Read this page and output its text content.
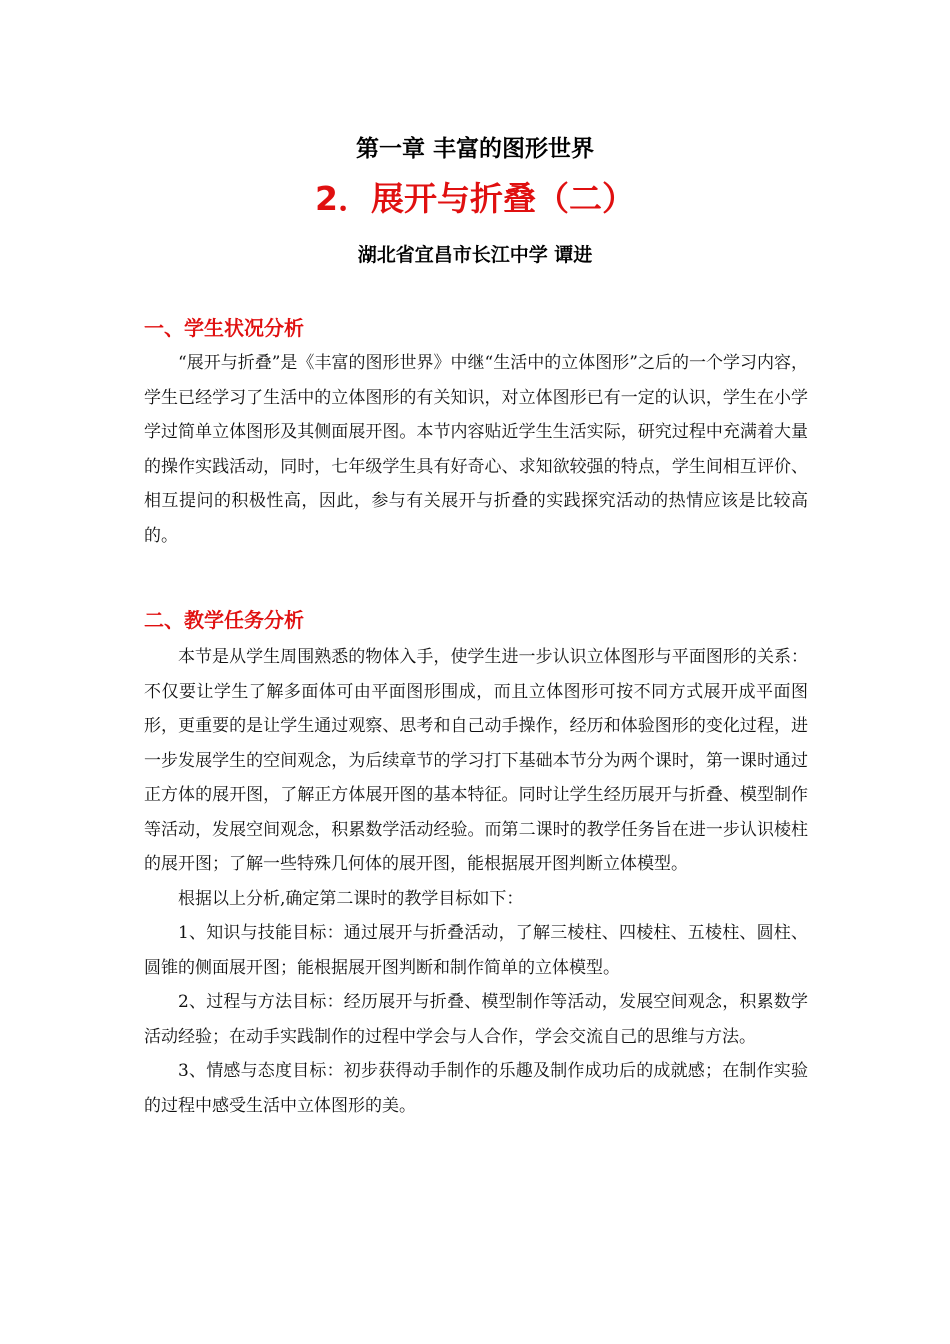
第一章 丰富的图形世界
2．展开与折叠（二）
湖北省宜昌市长江中学 谭进
一、学生状况分析

“展开与折叠”是《丰富的图形世界》中继“生活中的立体图形”之后的一个学习内容，学生已经学习了生活中的立体图形的有关知识，对立体图形已有一定的认识，学生在小学学过简单立体图形及其侧面展开图。本节内容贴近学生生活实际，研究过程中充满着大量的操作实践活动，同时，七年级学生具有好奇心、求知欲较强的特点，学生间相互评价、相互提问的积极性高，因此，参与有关展开与折叠的实践探究活动的热情应该是比较高的。

二、教学任务分析

本节是从学生周围熟悉的物体入手，使学生进一步认识立体图形与平面图形的关系：不仅要让学生了解多面体可由平面图形围成，而且立体图形可按不同方式展开成平面图形，更重要的是让学生通过观察、思考和自己动手操作，经历和体验图形的变化过程，进一步发展学生的空间观念，为后续章节的学习打下基础本节分为两个课时，第一课时通过正方体的展开图，了解正方体展开图的基本特征。同时让学生经历展开与折叠、模型制作等活动，发展空间观念，积累数学活动经验。而第二课时的教学任务旨在进一步认识棱柱的展开图；了解一些特殊几何体的展开图，能根据展开图判断立体模型。

根据以上分析,确定第二课时的教学目标如下：

1、知识与技能目标：通过展开与折叠活动，了解三棱柱、四棱柱、五棱柱、圆柱、圆锥的侧面展开图；能根据展开图判断和制作简单的立体模型。

2、过程与方法目标：经历展开与折叠、模型制作等活动，发展空间观念，积累数学活动经验；在动手实践制作的过程中学会与人合作，学会交流自己的思维与方法。

3、情感与态度目标：初步获得动手制作的乐趣及制作成功后的成就感；在制作实验的过程中感受生活中立体图形的美。
